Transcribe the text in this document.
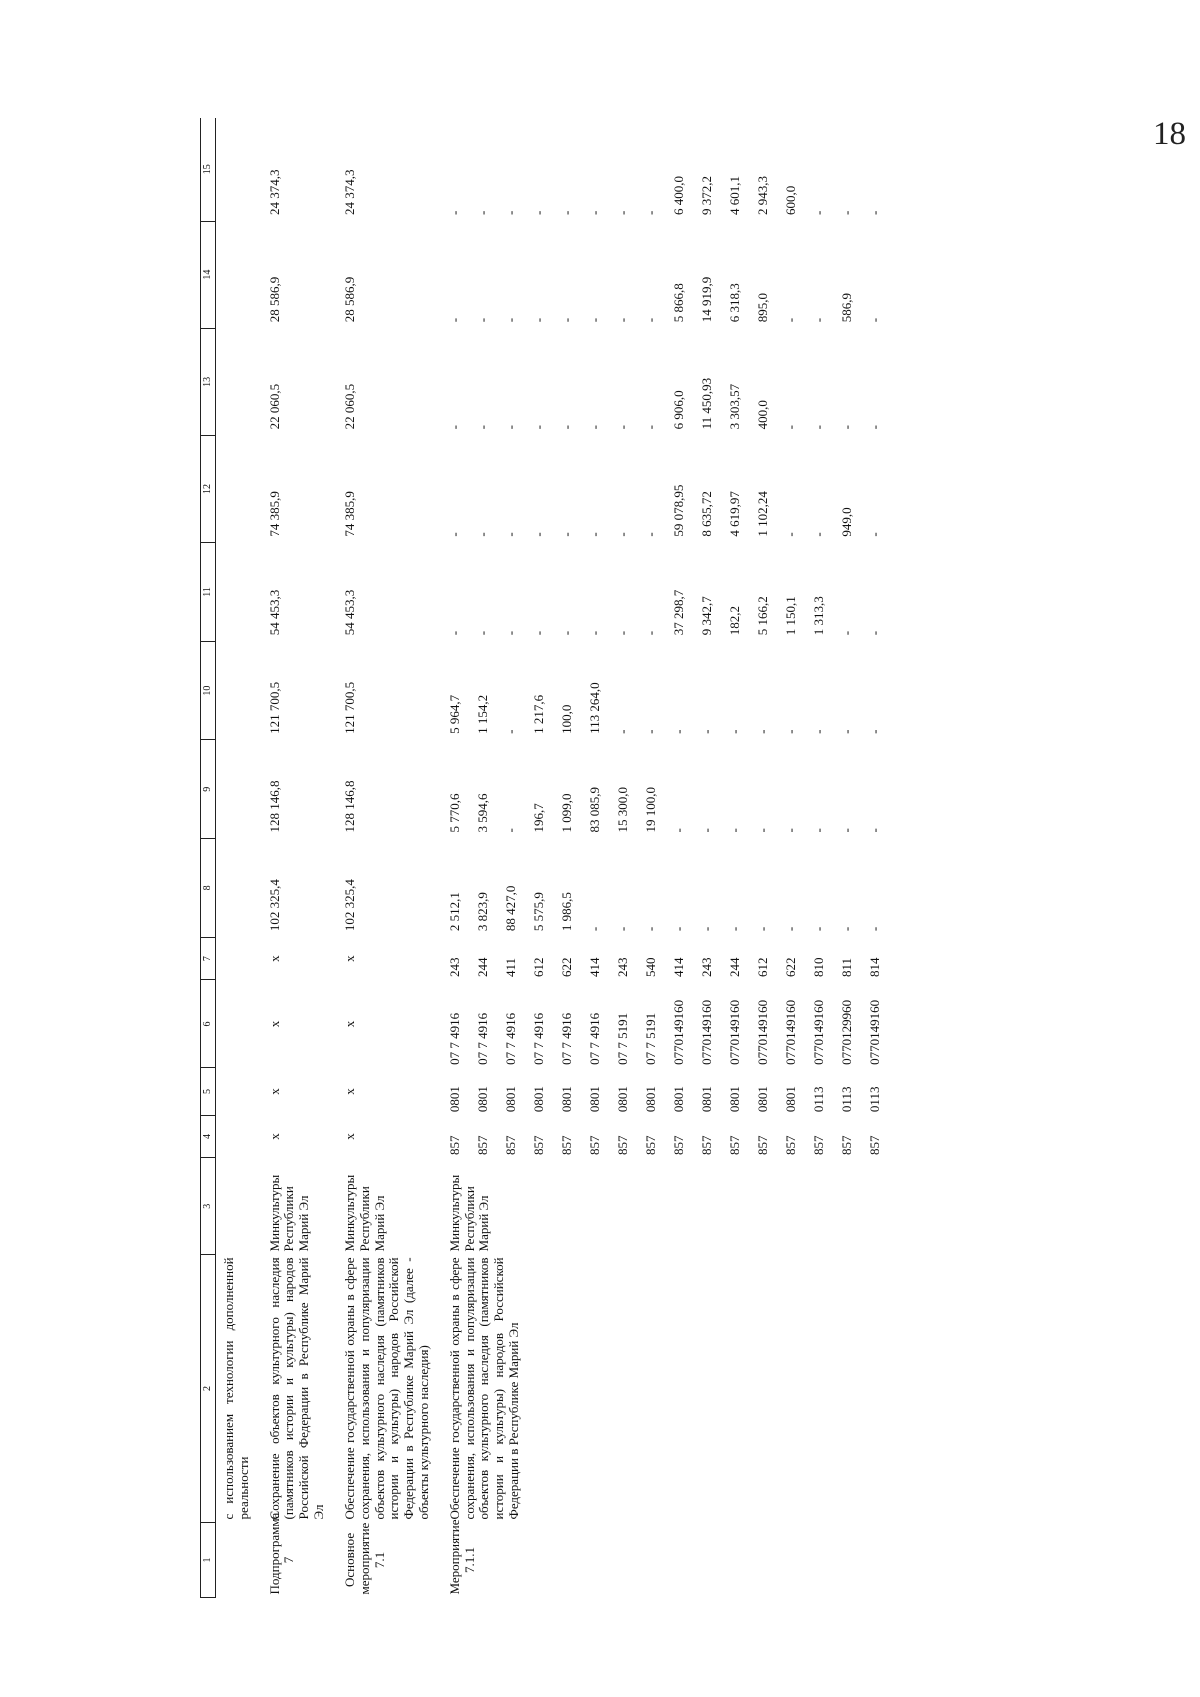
18
1	2	3	4	5	6	7	8	9	10	11	12	13	14	15
	с использованием технологии дополненной реальности													
Подпрограмма 7	Сохранение объектов культурного наследия (памятников истории и культуры) народов Российской Федерации в Республике Марий Эл	Минкультуры Республики Марий Эл	х	х	х	х	102 325,4	128 146,8	121 700,5	54 453,3	74 385,9	22 060,5	28 586,9	24 374,3
Основное мероприятие 7.1	Обеспечение государственной охраны в сфере сохранения, использования и популяризации объектов культурного наследия (памятников истории и культуры) народов Российской Федерации в Республике Марий Эл (далее - объекты культурного наследия)	Минкультуры Республики Марий Эл	х	х	х	х	102 325,4	128 146,8	121 700,5	54 453,3	74 385,9	22 060,5	28 586,9	24 374,3
Мероприятие 7.1.1	Обеспечение государственной охраны в сфере сохранения, использования и популяризации объектов культурного наследия (памятников истории и культуры) народов Российской Федерации в Республике Марий Эл	Минкультуры Республики Марий Эл	857	0801	07 7 4916	243	2 512,1	5 770,6	5 964,7	-	-	-	-	-
			857	0801	07 7 4916	244	3 823,9	3 594,6	1 154,2	-	-	-	-	-
			857	0801	07 7 4916	411	88 427,0	-	-	-	-	-	-	-
			857	0801	07 7 4916	612	5 575,9	196,7	1 217,6	-	-	-	-	-
			857	0801	07 7 4916	622	1 986,5	1 099,0	100,0	-	-	-	-	-
			857	0801	07 7 4916	414	-	83 085,9	113 264,0	-	-	-	-	-
			857	0801	07 7 5191	243	-	15 300,0	-	-	-	-	-	-
			857	0801	07 7 5191	540	-	19 100,0	-	-	-	-	-	-
			857	0801	0770149160	414	-	-	-	37 298,7	59 078,95	6 906,0	5 866,8	6 400,0
			857	0801	0770149160	243	-	-	-	9 342,7	8 635,72	11 450,93	14 919,9	9 372,2
			857	0801	0770149160	244	-	-	-	182,2	4 619,97	3 303,57	6 318,3	4 601,1
			857	0801	0770149160	612	-	-	-	5 166,2	1 102,24	400,0	895,0	2 943,3
			857	0801	0770149160	622	-	-	-	1 150,1	-	-	-	600,0
			857	0113	0770149160	810	-	-	-	1 313,3	-	-	-	-
			857	0113	0770129960	811	-	-	-	-	949,0	-	586,9	-
			857	0113	0770149160	814	-	-	-	-	-	-	-	-
